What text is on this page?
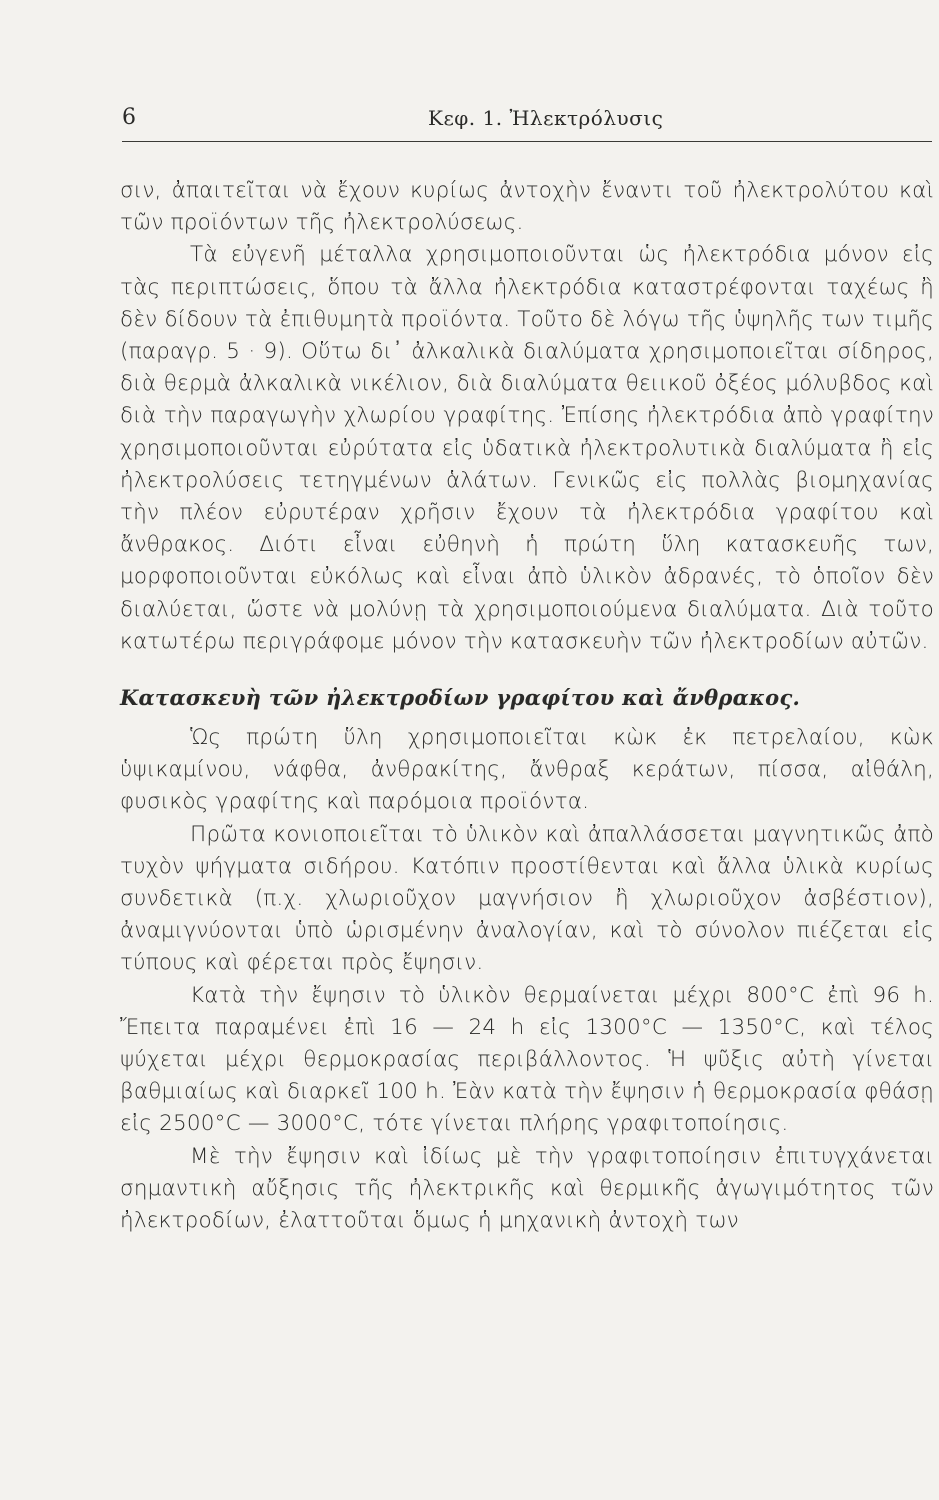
6	Κεφ. 1. Ἠλεκτρόλυσις

σιν, ἀπαιτεῖται νὰ ἔχουν κυρίως ἀντοχὴν ἔναντι τοῦ ἠλεκτρολύτου καὶ τῶν προϊόντων τῆς ἠλεκτρολύσεως.

Τὰ εὐγενῆ μέταλλα χρησιμοποιοῦνται ὡς ἠλεκτρόδια μόνον εἰς τὰς περιπτώσεις, ὅπου τὰ ἄλλα ἠλεκτρόδια καταστρέφονται ταχέως ἢ δὲν δίδουν τὰ ἐπιθυμητὰ προϊόντα. Τοῦτο δὲ λόγω τῆς ὑψηλῆς των τιμῆς (παραγρ. 5 · 9). Οὕτω δι᾽ ἀλκαλικὰ διαλύματα χρησιμοποιεῖται σίδηρος, διὰ θερμὰ ἀλκαλικὰ νικέλιον, διὰ διαλύματα θειικοῦ ὀξέος μόλυβδος καὶ διὰ τὴν παραγωγὴν χλωρίου γραφίτης. Ἐπίσης ἠλεκτρόδια ἀπὸ γραφίτην χρησιμοποιοῦνται εὐρύτατα εἰς ὑδατικὰ ἠλεκτρολυτικὰ διαλύματα ἢ εἰς ἠλεκτρολύσεις τετηγμένων ἁλάτων. Γενικῶς εἰς πολλὰς βιομηχανίας τὴν πλέον εὐρυτέραν χρῆσιν ἔχουν τὰ ἠλεκτρόδια γραφίτου καὶ ἄνθρακος. Διότι εἶναι εὐθηνὴ ἡ πρώτη ὕλη κατασκευῆς των, μορφοποιοῦνται εὐκόλως καὶ εἶναι ἀπὸ ὑλικὸν ἀδρανές, τὸ ὁποῖον δὲν διαλύεται, ὥστε νὰ μολύνῃ τὰ χρησιμοποιούμενα διαλύματα. Διὰ τοῦτο κατωτέρω περιγράφομε μόνον τὴν κατασκευὴν τῶν ἠλεκτροδίων αὐτῶν.

Κατασκευὴ τῶν ἠλεκτροδίων γραφίτου καὶ ἄνθρακος.

Ὡς πρώτη ὕλη χρησιμοποιεῖται κὼκ ἐκ πετρελαίου, κὼκ ὑψικαμίνου, νάφθα, ἀνθρακίτης, ἄνθραξ κεράτων, πίσσα, αἰθάλη, φυσικὸς γραφίτης καὶ παρόμοια προϊόντα.

Πρῶτα κονιοποιεῖται τὸ ὑλικὸν καὶ ἀπαλλάσσεται μαγνητικῶς ἀπὸ τυχὸν ψήγματα σιδήρου. Κατόπιν προστίθενται καὶ ἄλλα ὑλικὰ κυρίως συνδετικὰ (π.χ. χλωριοῦχον μαγνήσιον ἢ χλωριοῦχον ἀσβέστιον), ἀναμιγνύονται ὑπὸ ὡρισμένην ἀναλογίαν, καὶ τὸ σύνολον πιέζεται εἰς τύπους καὶ φέρεται πρὸς ἔψησιν.

Κατὰ τὴν ἔψησιν τὸ ὑλικὸν θερμαίνεται μέχρι 800°C ἐπὶ 96 h. Ἔπειτα παραμένει ἐπὶ 16 — 24 h εἰς 1300°C — 1350°C, καὶ τέλος ψύχεται μέχρι θερμοκρασίας περιβάλλοντος. Ἡ ψῦξις αὐτὴ γίνεται βαθμιαίως καὶ διαρκεῖ 100 h. Ἐὰν κατὰ τὴν ἔψησιν ἡ θερμοκρασία φθάσῃ εἰς 2500°C — 3000°C, τότε γίνεται πλήρης γραφιτοποίησις.

Μὲ τὴν ἔψησιν καὶ ἰδίως μὲ τὴν γραφιτοποίησιν ἐπιτυγχάνεται σημαντικὴ αὔξησις τῆς ἠλεκτρικῆς καὶ θερμικῆς ἀγωγιμότητος τῶν ἠλεκτροδίων, ἐλαττοῦται ὅμως ἡ μηχανικὴ ἀντοχὴ των
